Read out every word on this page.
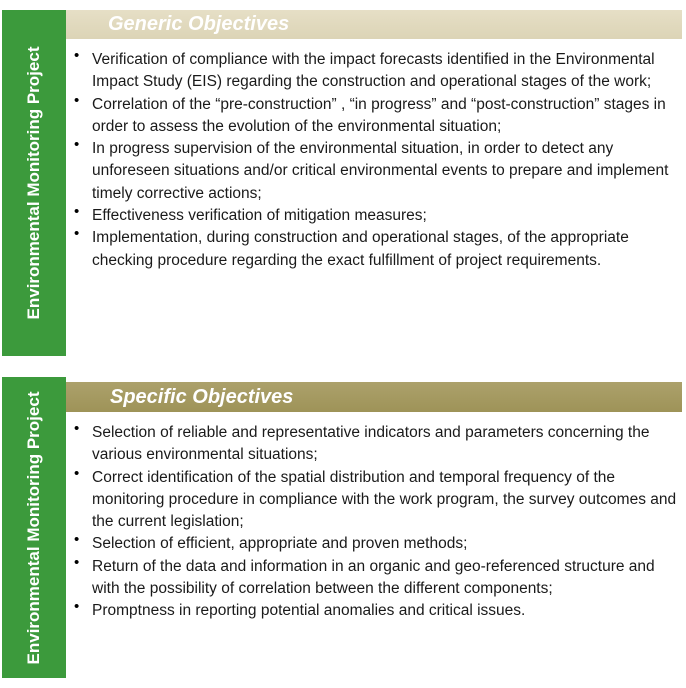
Generic Objectives
Environmental Monitoring Project • Verification of compliance with the impact forecasts identified in the Environmental Impact Study (EIS) regarding the construction and operational stages of the work;
• Correlation of the “pre-construction” , “in progress” and “post-construction” stages in order to assess the evolution of the environmental situation;
• In progress supervision of the environmental situation, in order to detect any unforeseen situations and/or critical environmental events to prepare and implement timely corrective actions;
• Effectiveness verification of mitigation measures;
• Implementation, during construction and operational stages, of the appropriate checking procedure regarding the exact fulfillment of project requirements.
Specific Objectives
Environmental Monitoring Project • Selection of reliable and representative indicators and parameters concerning the various environmental situations;
• Correct identification of the spatial distribution and temporal frequency of the monitoring procedure in compliance with the work program, the survey outcomes and the current legislation;
• Selection of efficient, appropriate and proven methods;
• Return of the data and information in an organic and geo-referenced structure and with the possibility of correlation between the different components;
• Promptness in reporting potential anomalies and critical issues.
